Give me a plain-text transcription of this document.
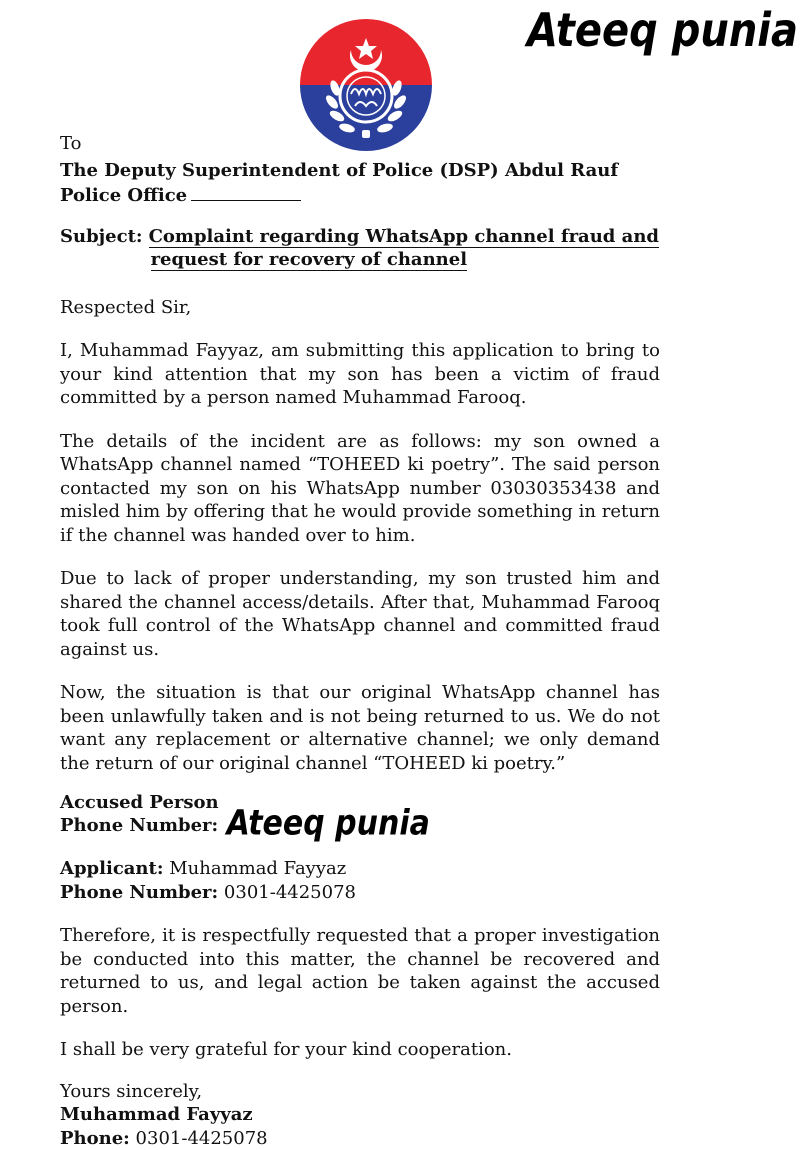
Ateeq punia

To

The Deputy Superintendent of Police (DSP) Abdul Rauf

Police Office

Subject: Complaint regarding WhatsApp channel fraud and
request for recovery of channel

Respected Sir,

I, Muhammad Fayyaz, am submitting this application to bring to your kind attention that my son has been a victim of fraud committed by a person named Muhammad Farooq.

The details of the incident are as follows: my son owned a WhatsApp channel named “TOHEED ki poetry”. The said person contacted my son on his WhatsApp number 03030353438 and misled him by offering that he would provide something in return if the channel was handed over to him.

Due to lack of proper understanding, my son trusted him and shared the channel access/details. After that, Muhammad Farooq took full control of the WhatsApp channel and committed fraud against us.

Now, the situation is that our original WhatsApp channel has been unlawfully taken and is not being returned to us. We do not want any replacement or alternative channel; we only demand the return of our original channel “TOHEED ki poetry.”

Accused Person
Phone Number: Ateeq punia

Applicant: Muhammad Fayyaz

Phone Number: 0301-4425078

Therefore, it is respectfully requested that a proper investigation be conducted into this matter, the channel be recovered and returned to us, and legal action be taken against the accused person.

I shall be very grateful for your kind cooperation.

Yours sincerely,

Muhammad Fayyaz

Phone: 0301-4425078
